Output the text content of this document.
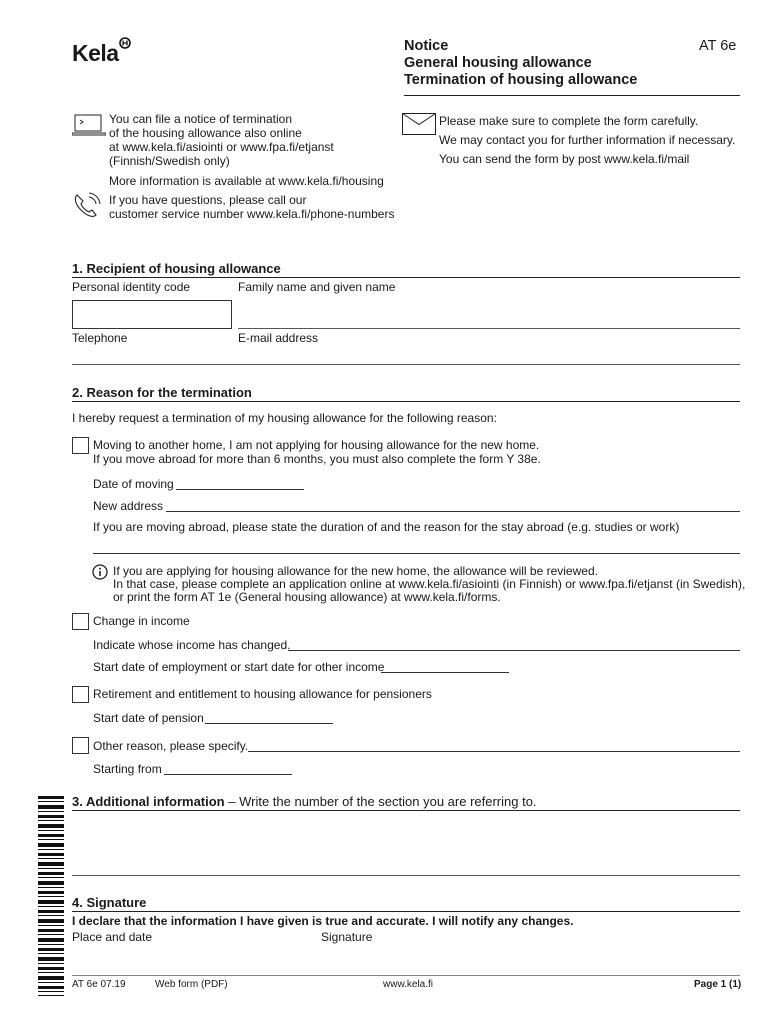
Kela	Notice
General housing allowance
Termination of housing allowance
AT 6e
You can file a notice of termination
of the housing allowance also online
at www.kela.fi/asiointi or www.fpa.fi/etjanst
(Finnish/Swedish only)
More information is available at www.kela.fi/housing
If you have questions, please call our
customer service number www.kela.fi/phone-numbers
Please make sure to complete the form carefully.
We may contact you for further information if necessary.
You can send the form by post www.kela.fi/mail
1. Recipient of housing allowance
Personal identity code	Family name and given name
Telephone	E-mail address
2. Reason for the termination
I hereby request a termination of my housing allowance for the following reason:
Moving to another home, I am not applying for housing allowance for the new home.
If you move abroad for more than 6 months, you must also complete the form Y 38e.
Date of moving
New address
If you are moving abroad, please state the duration of and the reason for the stay abroad (e.g. studies or work)
If you are applying for housing allowance for the new home, the allowance will be reviewed.
In that case, please complete an application online at www.kela.fi/asiointi (in Finnish) or www.fpa.fi/etjanst (in Swedish),
or print the form AT 1e (General housing allowance) at www.kela.fi/forms.
Change in income
Indicate whose income has changed.
Start date of employment or start date for other income
Retirement and entitlement to housing allowance for pensioners
Start date of pension
Other reason, please specify.
Starting from
3. Additional information – Write the number of the section you are referring to.
4. Signature
I declare that the information I have given is true and accurate. I will notify any changes.
Place and date	Signature
AT 6e 07.19	Web form (PDF)	www.kela.fi	Page 1 (1)
